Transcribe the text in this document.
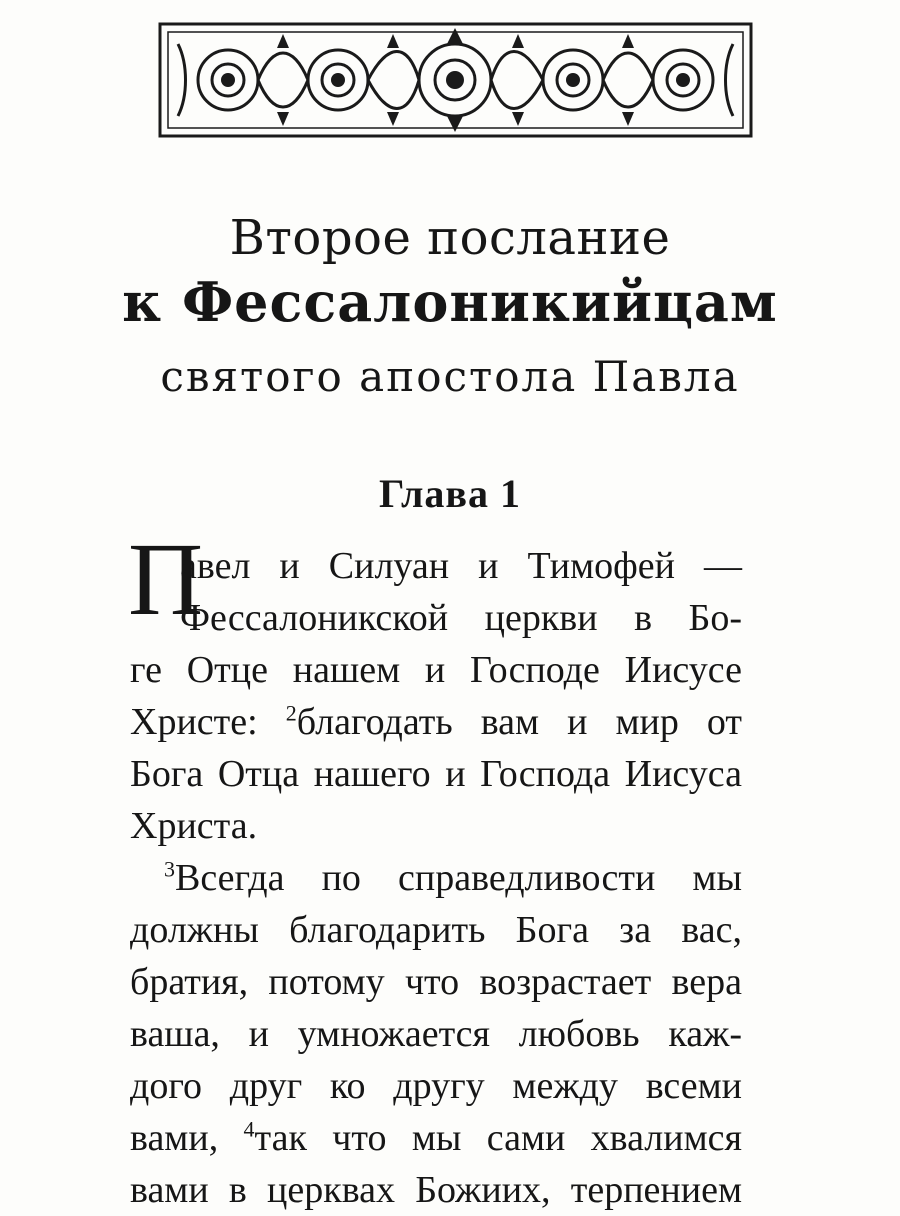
Второе послание
к Фессалоникийцам
святого апостола Павла
Глава 1
П
авел и Силуан и Тимофей —
Фессалоникской церкви в Бо-
ге Отце нашем и Господе Иисусе
Христе: $^2$благодать вам и мир от
Бога Отца нашего и Господа Иисуса
Христа.
$^3$Всегда по справедливости мы
должны благодарить Бога за вас,
братия, потому что возрастает вера
ваша, и умножается любовь каж-
дого друг ко другу между всеми
вами, $^4$так что мы сами хвалимся
вами в церквах Божиих, терпением
